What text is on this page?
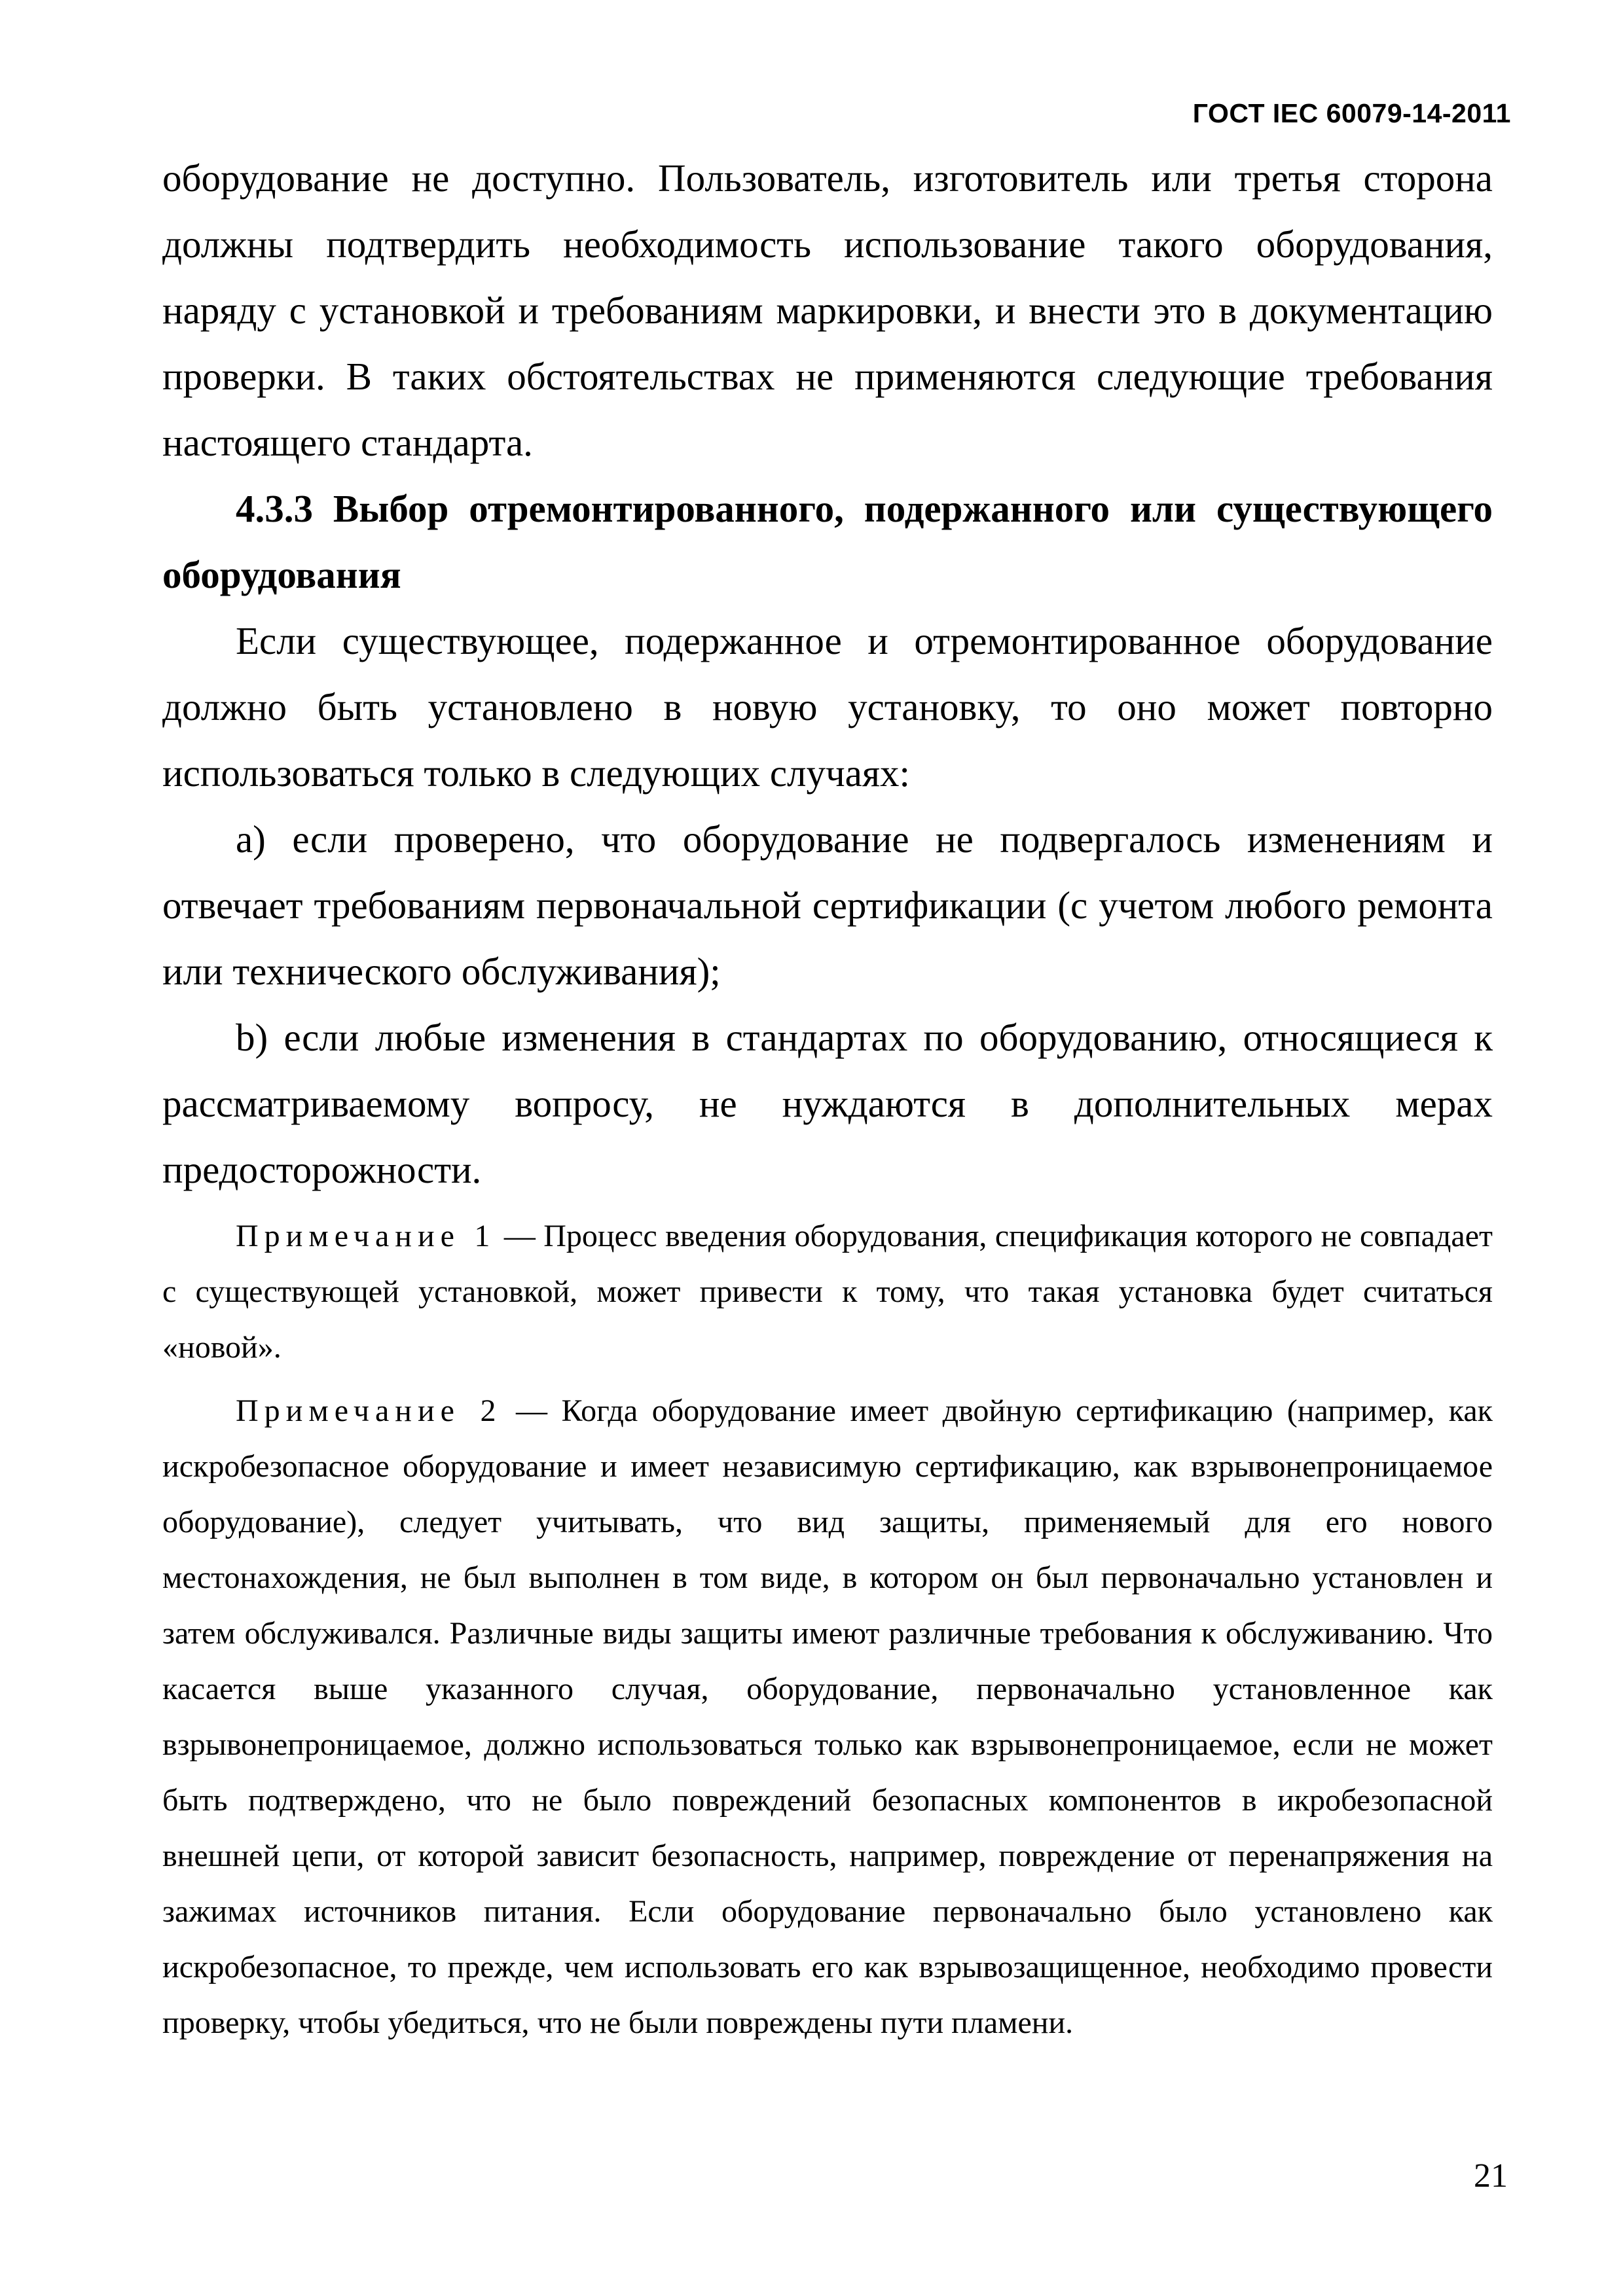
ГОСТ IEC 60079-14-2011

оборудование не доступно. Пользователь, изготовитель или третья сторона должны подтвердить необходимость использование такого оборудования, наряду с установкой и требованиям маркировки, и внести это в документацию проверки. В таких обстоятельствах не применяются следующие требования настоящего стандарта.

4.3.3 Выбор отремонтированного, подержанного или существующего оборудования

Если существующее, подержанное и отремонтированное оборудование должно быть установлено в новую установку, то оно может повторно использоваться только в следующих случаях:

а) если проверено, что оборудование не подвергалось изменениям и отвечает требованиям первоначальной сертификации (с учетом любого ремонта или технического обслуживания);

b) если любые изменения в стандартах по оборудованию, относящиеся к рассматриваемому вопросу, не нуждаются в дополнительных мерах предосторожности.

Примечание 1 — Процесс введения оборудования, спецификация которого не совпадает с существующей установкой, может привести к тому, что такая установка будет считаться «новой».

Примечание 2 — Когда оборудование имеет двойную сертификацию (например, как искробезопасное оборудование и имеет независимую сертификацию, как взрывонепроницаемое оборудование), следует учитывать, что вид защиты, применяемый для его нового местонахождения, не был выполнен в том виде, в котором он был первоначально установлен и затем обслуживался. Различные виды защиты имеют различные требования к обслуживанию. Что касается выше указанного случая, оборудование, первоначально установленное как взрывонепроницаемое, должно использоваться только как взрывонепроницаемое, если не может быть подтверждено, что не было повреждений безопасных компонентов в икробезопасной внешней цепи, от которой зависит безопасность, например, повреждение от перенапряжения на зажимах источников питания. Если оборудование первоначально было установлено как искробезопасное, то прежде, чем использовать его как взрывозащищенное, необходимо провести проверку, чтобы убедиться, что не были повреждены пути пламени.

21
